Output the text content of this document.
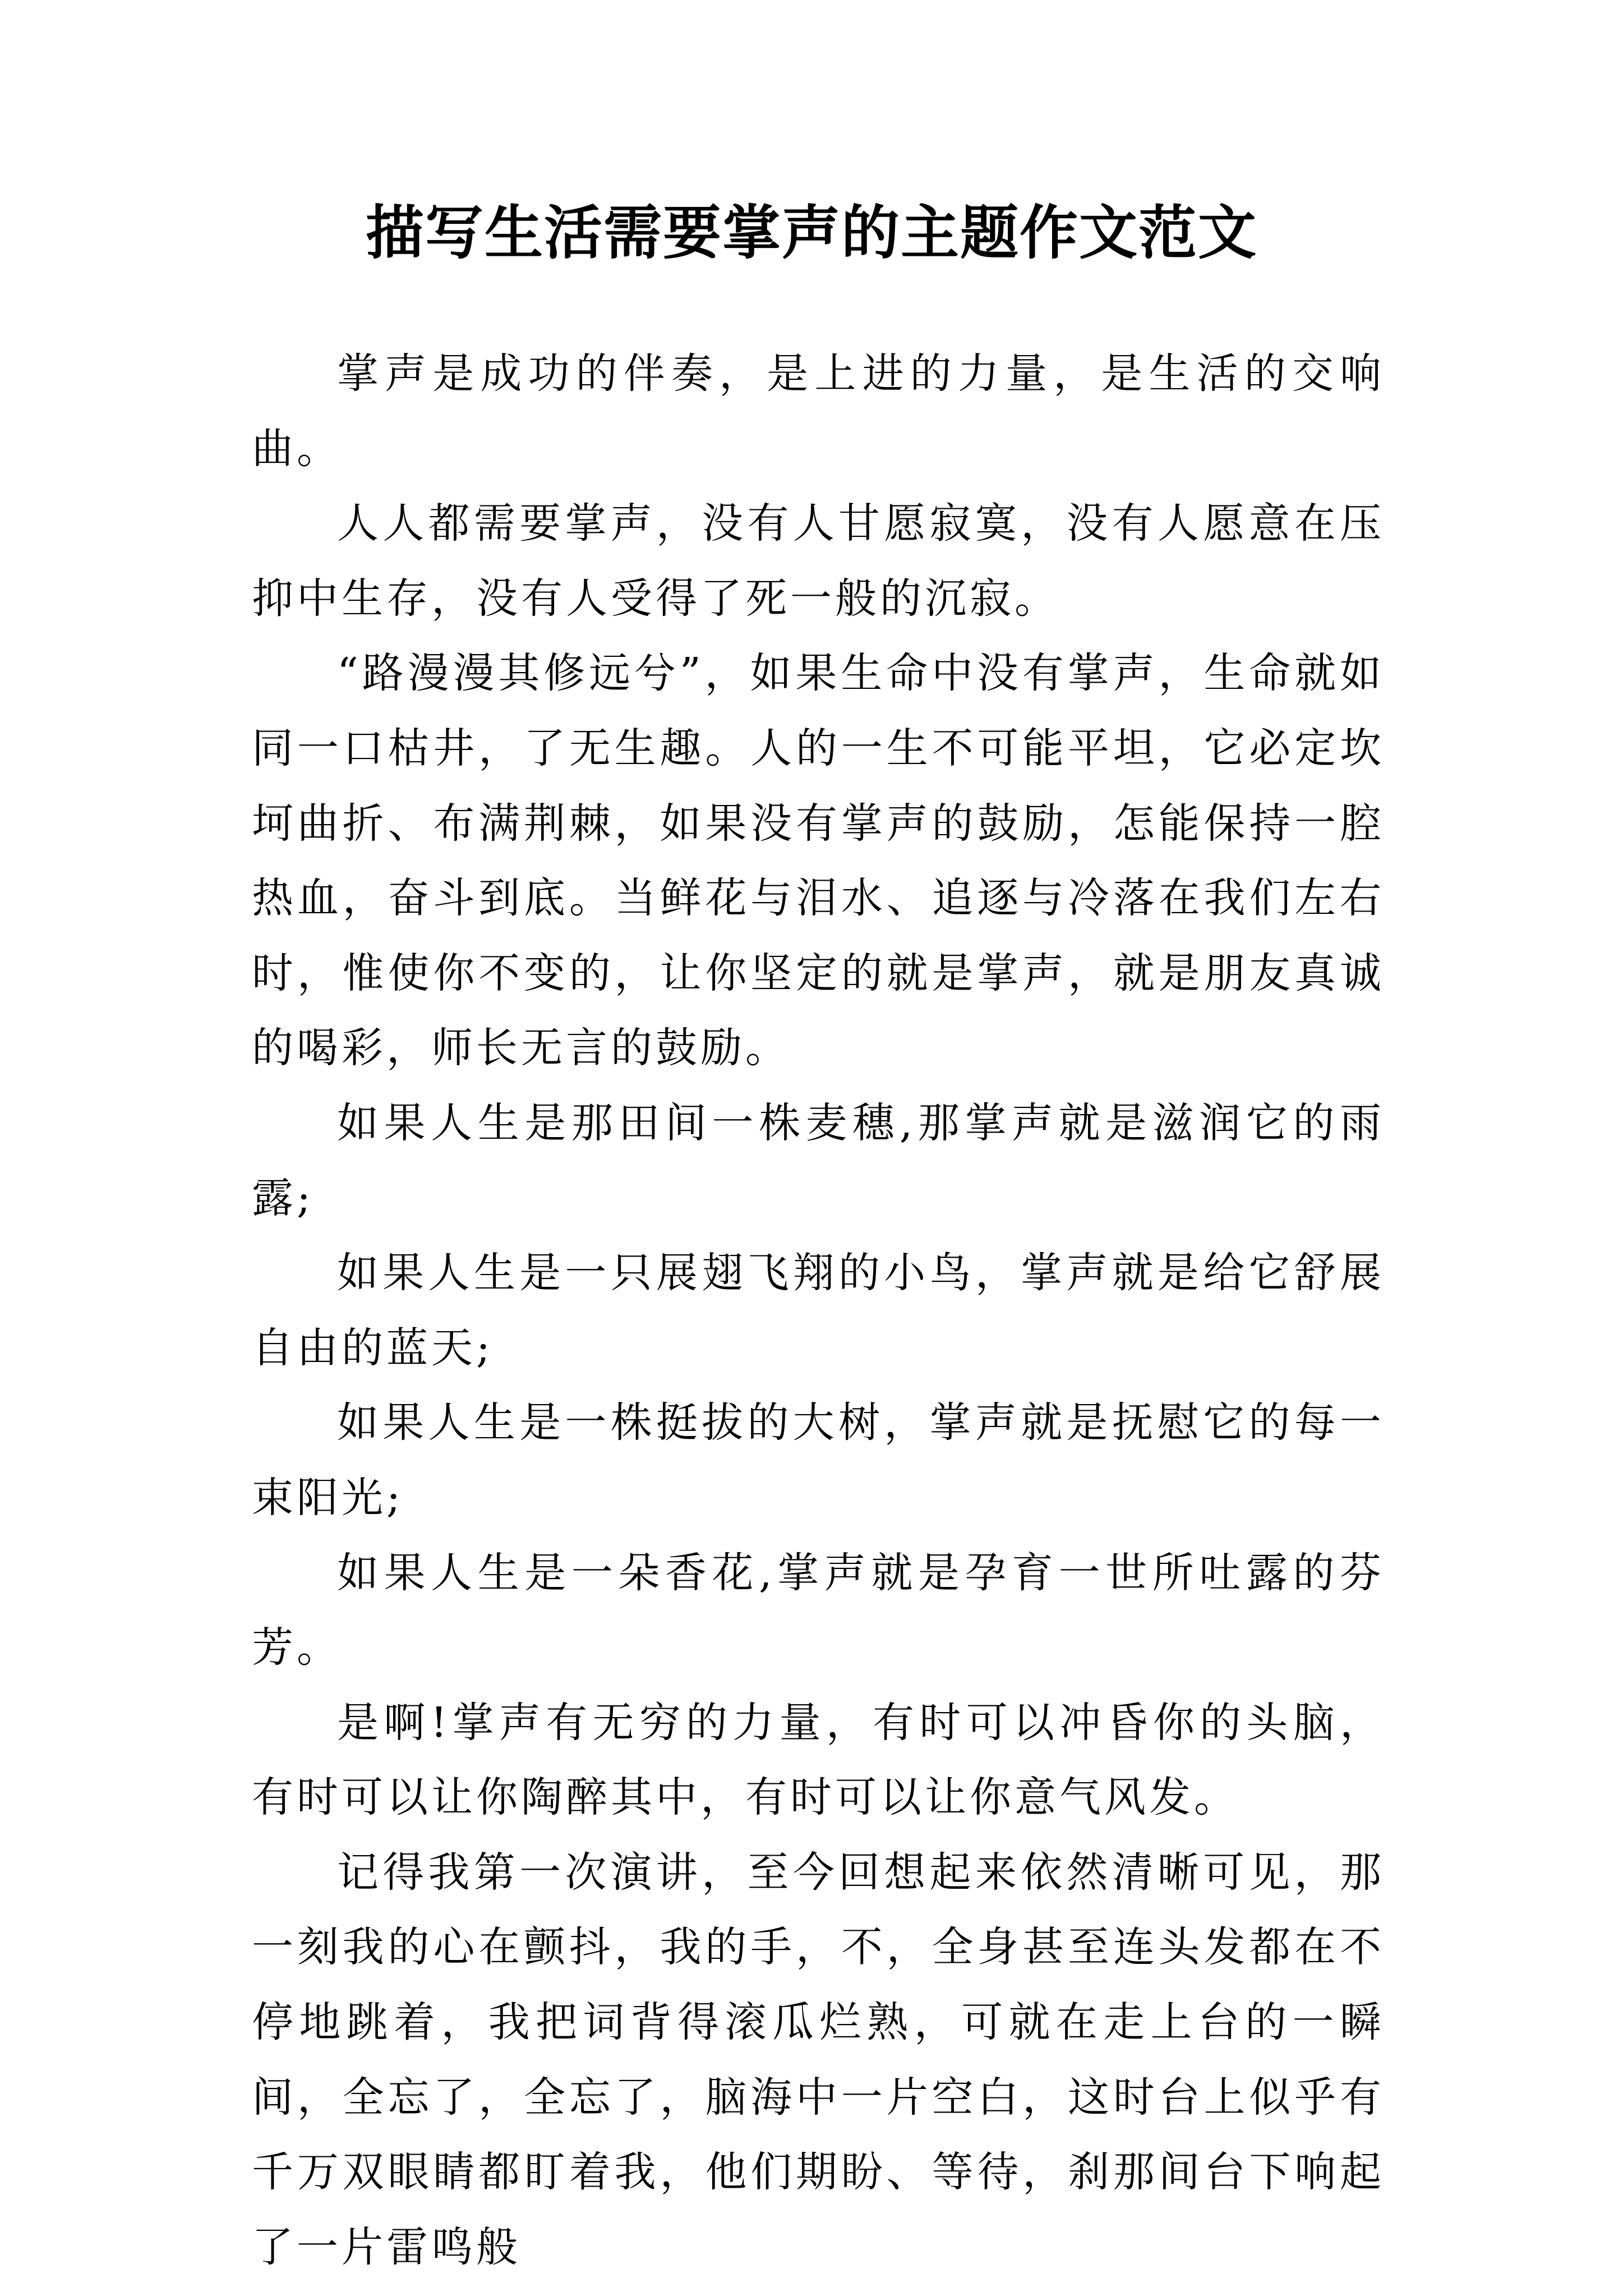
描写生活需要掌声的主题作文范文

掌声是成功的伴奏，是上进的力量，是生活的交响曲。

人人都需要掌声，没有人甘愿寂寞，没有人愿意在压抑中生存，没有人受得了死一般的沉寂。

“路漫漫其修远兮”，如果生命中没有掌声，生命就如同一口枯井，了无生趣。人的一生不可能平坦，它必定坎坷曲折、布满荆棘，如果没有掌声的鼓励，怎能保持一腔热血，奋斗到底。当鲜花与泪水、追逐与冷落在我们左右时，惟使你不变的，让你坚定的就是掌声，就是朋友真诚的喝彩，师长无言的鼓励。

如果人生是那田间一株麦穗,那掌声就是滋润它的雨露;

如果人生是一只展翅飞翔的小鸟，掌声就是给它舒展自由的蓝天;

如果人生是一株挺拔的大树，掌声就是抚慰它的每一束阳光;

如果人生是一朵香花,掌声就是孕育一世所吐露的芬芳。

是啊!掌声有无穷的力量，有时可以冲昏你的头脑，有时可以让你陶醉其中，有时可以让你意气风发。

记得我第一次演讲，至今回想起来依然清晰可见，那一刻我的心在颤抖，我的手，不，全身甚至连头发都在不停地跳着，我把词背得滚瓜烂熟，可就在走上台的一瞬间，全忘了，全忘了，脑海中一片空白，这时台上似乎有千万双眼睛都盯着我，他们期盼、等待，刹那间台下响起了一片雷鸣般
